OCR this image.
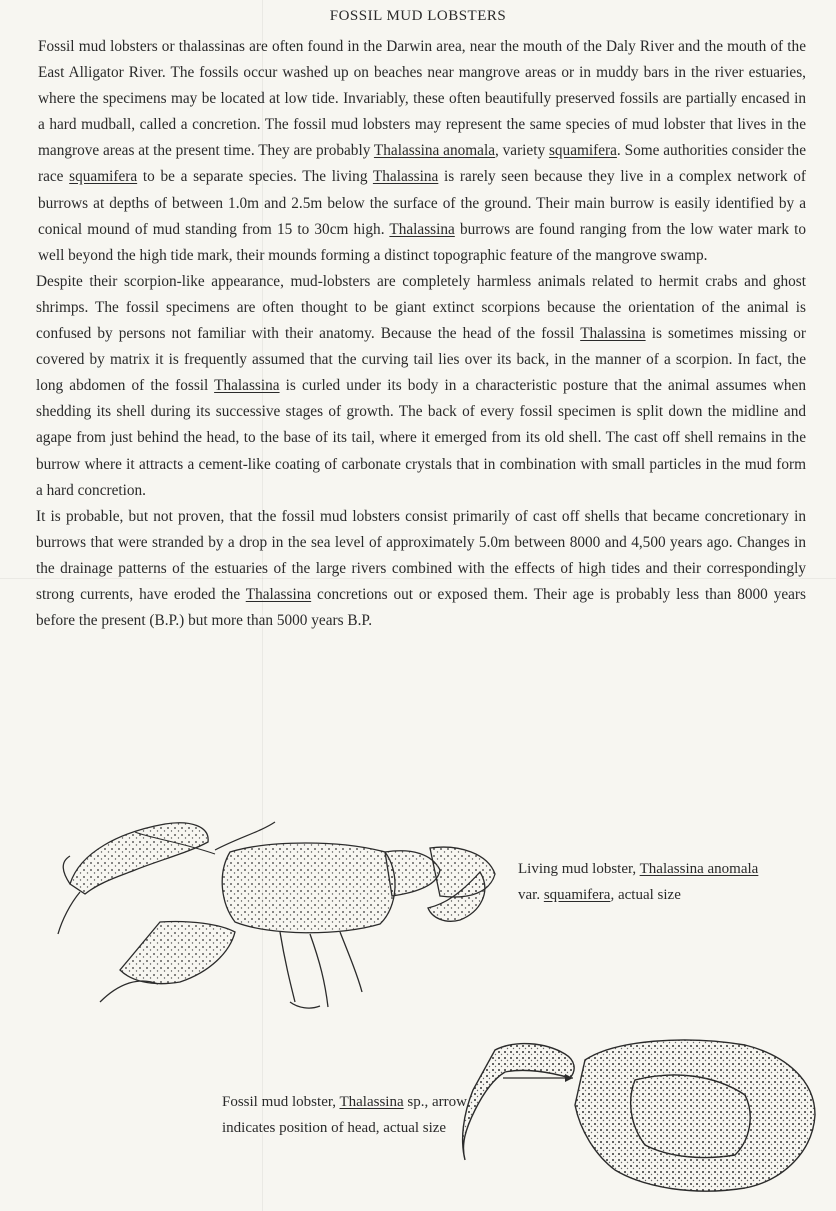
FOSSIL MUD LOBSTERS

Fossil mud lobsters or thalassinas are often found in the Darwin area, near the mouth of the Daly River and the mouth of the East Alligator River. The fossils occur washed up on beaches near mangrove areas or in muddy bars in the river estuaries, where the specimens may be located at low tide. Invariably, these often beautifully preserved fossils are partially encased in a hard mudball, called a concretion. The fossil mud lobsters may represent the same species of mud lobster that lives in the mangrove areas at the present time. They are probably Thalassina anomala, variety squamifera. Some authorities consider the race squamifera to be a separate species. The living Thalassina is rarely seen because they live in a complex network of burrows at depths of between 1.0m and 2.5m below the surface of the ground. Their main burrow is easily identified by a conical mound of mud standing from 15 to 30cm high. Thalassina burrows are found ranging from the low water mark to well beyond the high tide mark, their mounds forming a distinct topographic feature of the mangrove swamp.

Despite their scorpion-like appearance, mud-lobsters are completely harmless animals related to hermit crabs and ghost shrimps. The fossil specimens are often thought to be giant extinct scorpions because the orientation of the animal is confused by persons not familiar with their anatomy. Because the head of the fossil Thalassina is sometimes missing or covered by matrix it is frequently assumed that the curving tail lies over its back, in the manner of a scorpion. In fact, the long abdomen of the fossil Thalassina is curled under its body in a characteristic posture that the animal assumes when shedding its shell during its successive stages of growth. The back of every fossil specimen is split down the midline and agape from just behind the head, to the base of its tail, where it emerged from its old shell. The cast off shell remains in the burrow where it attracts a cement-like coating of carbonate crystals that in combination with small particles in the mud form a hard concretion.

It is probable, but not proven, that the fossil mud lobsters consist primarily of cast off shells that became concretionary in burrows that were stranded by a drop in the sea level of approximately 5.0m between 8000 and 4,500 years ago. Changes in the drainage patterns of the estuaries of the large rivers combined with the effects of high tides and their correspondingly strong currents, have eroded the Thalassina concretions out or exposed them. Their age is probably less than 8000 years before the present (B.P.) but more than 5000 years B.P.

Living mud lobster, Thalassina anomala var. squamifera, actual size
Fossil mud lobster, Thalassina sp., arrow indicates position of head, actual size
